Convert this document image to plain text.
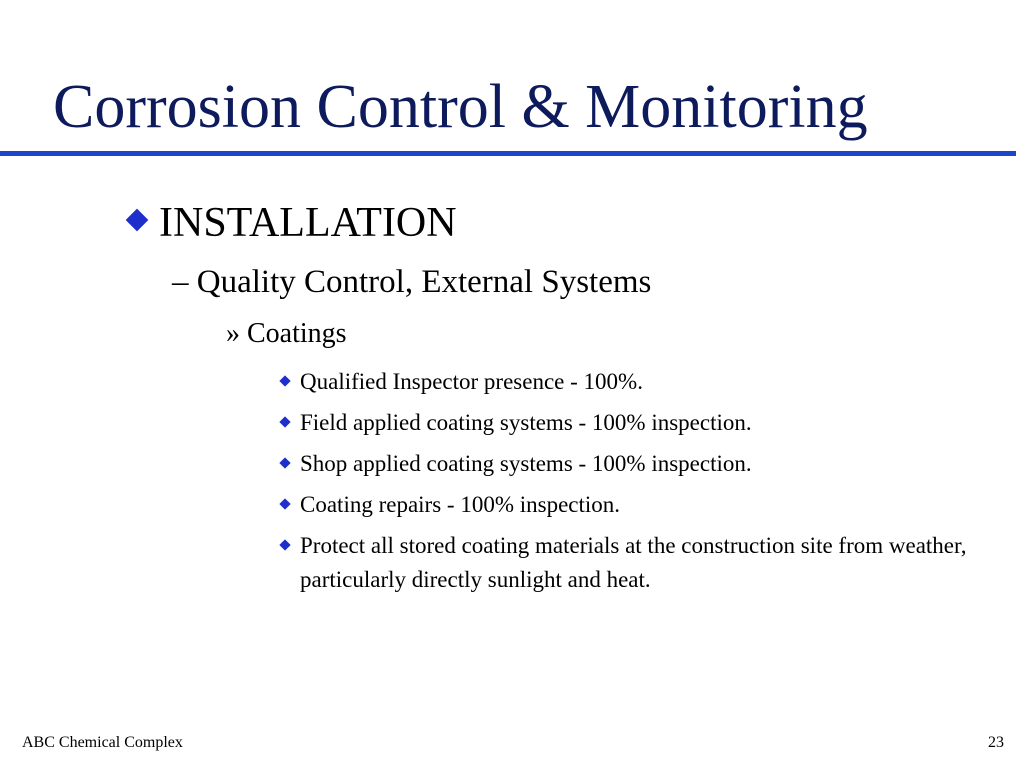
Corrosion Control & Monitoring
INSTALLATION
– Quality Control, External Systems
» Coatings
Qualified Inspector presence - 100%.
Field applied coating systems - 100% inspection.
Shop applied coating systems - 100% inspection.
Coating repairs - 100% inspection.
Protect all stored coating materials at the construction site from weather, particularly directly sunlight and heat.
ABC Chemical Complex	23
